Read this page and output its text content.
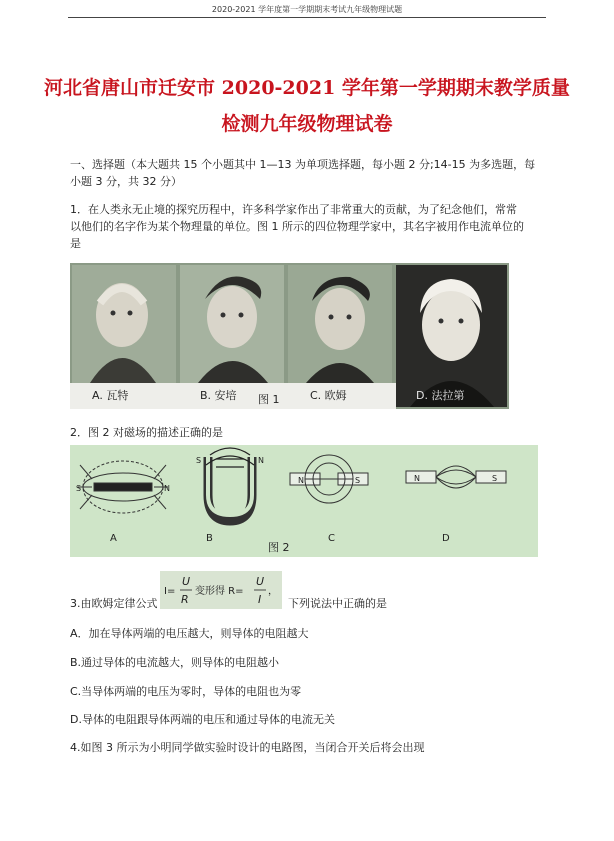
2020-2021 学年度第一学期期末考试九年级物理试题
河北省唐山市迁安市 2020-2021 学年第一学期期末教学质量
检测九年级物理试卷
一、选择题（本大题共 15 个小题其中 1—13 为单项选择题，每小题 2 分;14-15 为多选题，每
小题 3 分，共 32 分）
1．在人类永无止境的探究历程中，许多科学家作出了非常重大的贡献，为了纪念他们，常常
以他们的名字作为某个物理量的单位。图 1 所示的四位物理学家中，其名字被用作电流单位的
是
A. 瓦特	B. 安培 图 1	C. 欧姆	D. 法拉第
2．图 2 对磁场的描述正确的是
S	N
S	N
N	S	N	S
A	B
图 2
C	D
3.由欧姆定律公式
I=
U
R
变形得 R=
U
I
，
下列说法中正确的是
A．加在导体两端的电压越大，则导体的电阻越大
B.通过导体的电流越大，则导体的电阻越小
C.当导体两端的电压为零时，导体的电阻也为零
D.导体的电阻跟导体两端的电压和通过导体的电流无关
4.如图 3 所示为小明同学做实验时设计的电路图，当闭合开关后将会出现
